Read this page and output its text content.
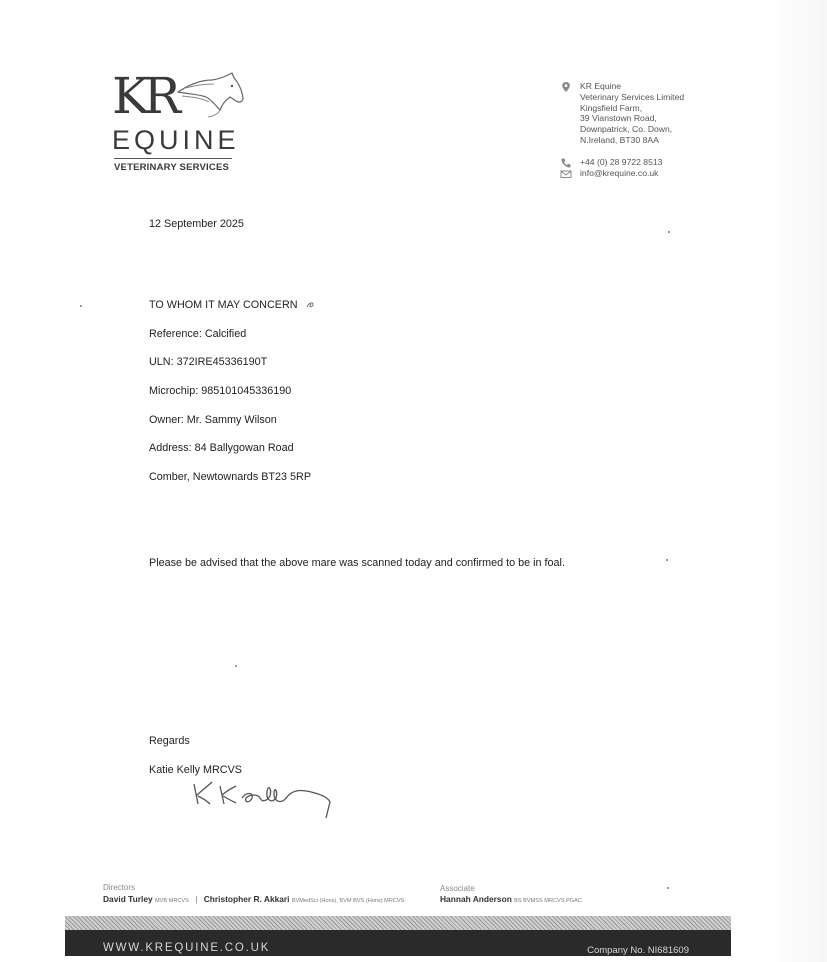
KR
EQUINE
VETERINARY SERVICES
KR Equine
Veterinary Services Limited
Kingsfield Farm,
39 Vianstown Road,
Downpatrick, Co. Down,
N.Ireland, BT30 8AA
+44 (0) 28 9722 8513
info@krequine.co.uk
12 September 2025
TO WHOM IT MAY CONCERN
Reference: Calcified
ULN: 372IRE45336190T
Microchip: 985101045336190
Owner: Mr. Sammy Wilson
Address: 84 Ballygowan Road
Comber, Newtownards BT23 5RP
Please be advised that the above mare was scanned today and confirmed to be in foal.
Regards
Katie Kelly MRCVS
Directors
David Turley MVB MRCVS | Christopher R. Akkari BVMedSci (Hons), BVM BVS (Hons) MRCVS
Associate
Hannah Anderson BS BVMSS MRCVS PGAC
WWW.KREQUINE.CO.UK	Company No. NI681609
